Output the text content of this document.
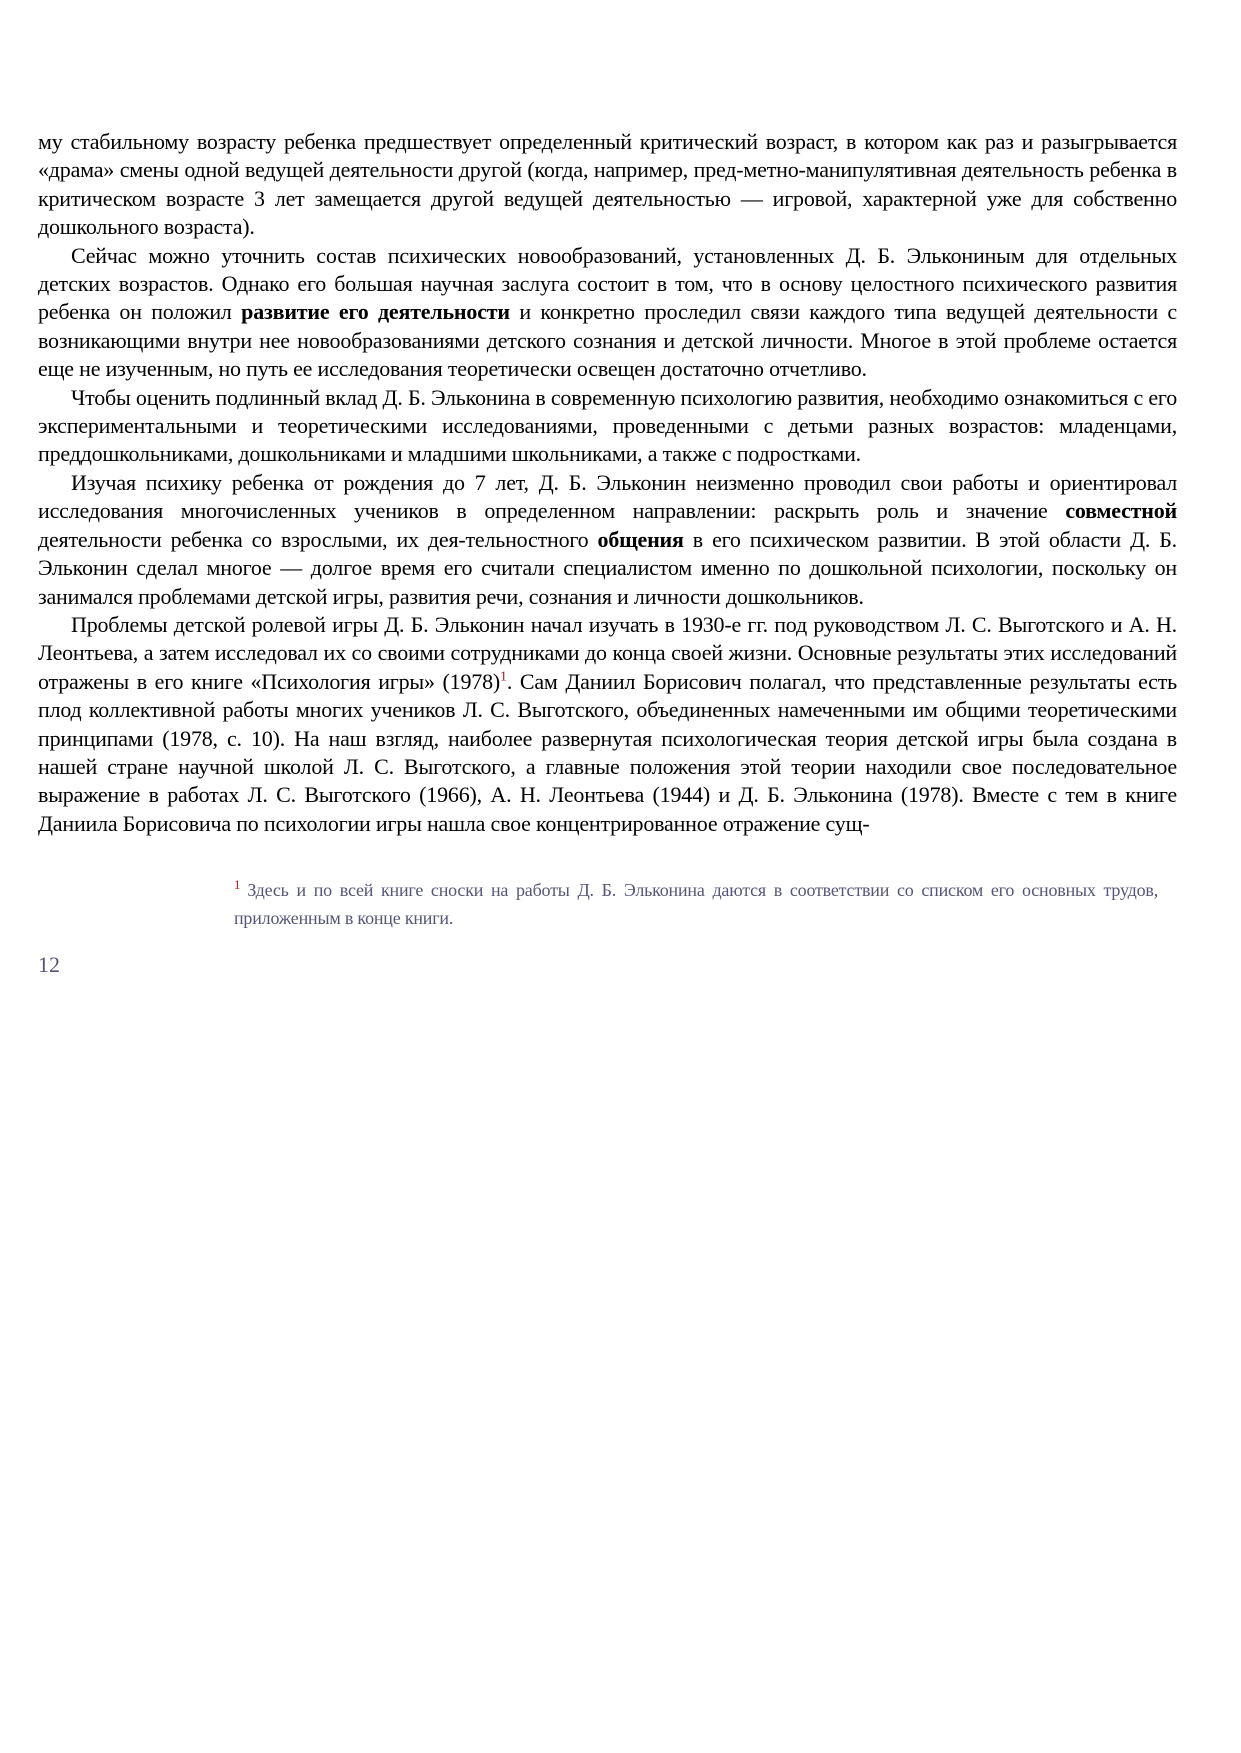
му стабильному возрасту ребенка предшествует определенный критический возраст, в котором как раз и разыгрывается «драма» смены одной ведущей деятельности другой (когда, например, пред-метно-манипулятивная деятельность ребенка в критическом возрасте 3 лет замещается другой ведущей деятельностью — игровой, характерной уже для собственно дошкольного возраста).

Сейчас можно уточнить состав психических новообразований, установленных Д. Б. Элькониным для отдельных детских возрастов. Однако его большая научная заслуга состоит в том, что в основу целостного психического развития ребенка он положил развитие его деятельности и конкретно проследил связи каждого типа ведущей деятельности с возникающими внутри нее новообразованиями детского сознания и детской личности. Многое в этой проблеме остается еще не изученным, но путь ее исследования теоретически освещен достаточно отчетливо.

Чтобы оценить подлинный вклад Д. Б. Эльконина в современную психологию развития, необходимо ознакомиться с его экспериментальными и теоретическими исследованиями, проведенными с детьми разных возрастов: младенцами, преддошкольниками, дошкольниками и младшими школьниками, а также с подростками.

Изучая психику ребенка от рождения до 7 лет, Д. Б. Эльконин неизменно проводил свои работы и ориентировал исследования многочисленных учеников в определенном направлении: раскрыть роль и значение совместной деятельности ребенка со взрослыми, их дея-тельностного общения в его психическом развитии. В этой области Д. Б. Эльконин сделал многое — долгое время его считали специалистом именно по дошкольной психологии, поскольку он занимался проблемами детской игры, развития речи, сознания и личности дошкольников.

Проблемы детской ролевой игры Д. Б. Эльконин начал изучать в 1930-е гг. под руководством Л. С. Выготского и А. Н. Леонтьева, а затем исследовал их со своими сотрудниками до конца своей жизни. Основные результаты этих исследований отражены в его книге «Психология игры» (1978)$^1$. Сам Даниил Борисович полагал, что представленные результаты есть плод коллективной работы многих учеников Л. С. Выготского, объединенных намеченными им общими теоретическими принципами (1978, с. 10). На наш взгляд, наиболее развернутая психологическая теория детской игры была создана в нашей стране научной школой Л. С. Выготского, а главные положения этой теории находили свое последовательное выражение в работах Л. С. Выготского (1966), А. Н. Леонтьева (1944) и Д. Б. Эльконина (1978). Вместе с тем в книге Даниила Борисовича по психологии игры нашла свое концентрированное отражение сущ-

$^1$ Здесь и по всей книге сноски на работы Д. Б. Эльконина даются в соответствии со списком его основных трудов, приложенным в конце книги.
12
